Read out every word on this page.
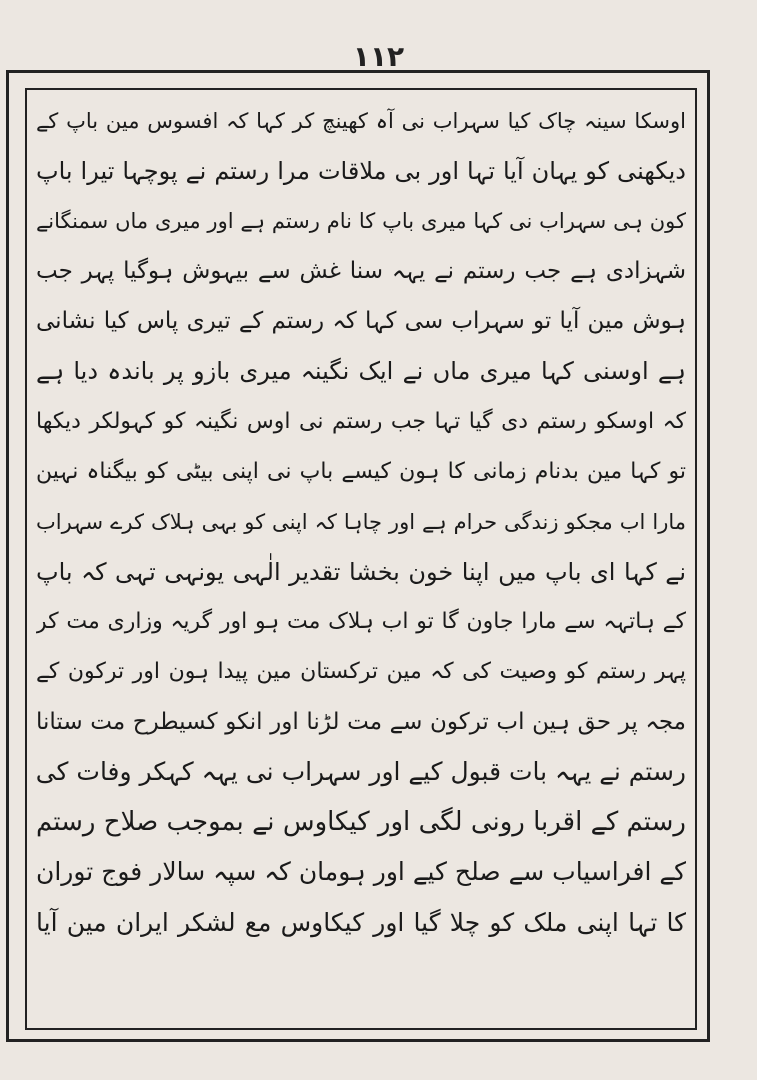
۱۱۲
اوسکا سینہ چاک کیا سہراب نی آہ کھینچ کر کہا کہ افسوس مین باپ کے
دیکھنی کو یہان آیا تہا اور بی ملاقات مرا رستم نے پوچہا تیرا باپ
کون ہی سہراب نی کہا میری باپ کا نام رستم ہے اور میری ماں سمنگانے
شہزادی ہے جب رستم نے یہہ سنا غش سے بیہوش ہوگیا پہر جب
ہوش مین آیا تو سہراب سی کہا کہ رستم کے تیری پاس کیا نشانی
ہے اوسنی کہا میری ماں نے ایک نگینہ میری بازو پر باندہ دیا ہے
کہ اوسکو رستم دی گیا تہا جب رستم نی اوس نگینہ کو کہولکر دیکھا
تو کہا مین بدنام زمانی کا ہون کیسے باپ نی اپنی بیٹی کو بیگناہ نہین
مارا اب مجکو زندگی حرام ہے اور چاہا کہ اپنی کو بہی ہلاک کرے سہراب
نے کہا ای باپ میں اپنا خون بخشا تقدیر الٰہی یونہی تہی کہ باپ
کے ہاتہہ سے مارا جاون گا تو اب ہلاک مت ہو اور گریہ وزاری مت کر
پہر رستم کو وصیت کی کہ مین ترکستان مین پیدا ہون اور ترکون کے
مجہ پر حق ہین اب ترکون سے مت لڑنا اور انکو کسیطرح مت ستانا
رستم نے یہہ بات قبول کیے اور سہراب نی یہہ کہکر وفات کی
رستم کے اقربا رونی لگی اور کیکاوس نے بموجب صلاح رستم
کے افراسیاب سے صلح کیے اور ہومان کہ سپہ سالار فوج توران
کا تہا اپنی ملک کو چلا گیا اور کیکاوس مع لشکر ایران مین آیا
